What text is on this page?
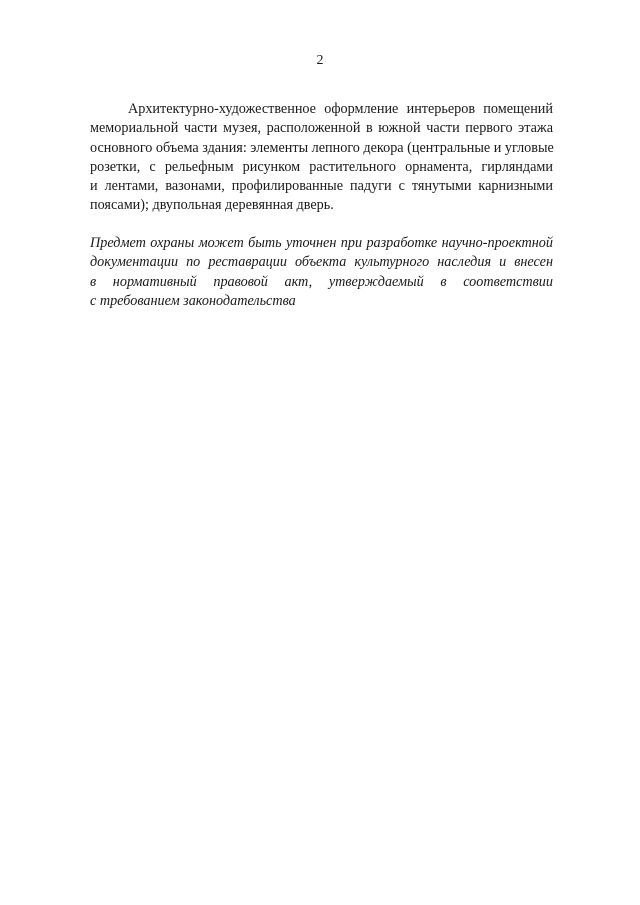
2
Архитектурно-художественное оформление интерьеров помещений
мемориальной части музея, расположенной в южной части первого этажа
основного объема здания: элементы лепного декора (центральные и угловые
розетки, с рельефным рисунком растительного орнамента, гирляндами
и лентами, вазонами, профилированные падуги с тянутыми карнизными
поясами); двупольная деревянная дверь.
Предмет охраны может быть уточнен при разработке научно-проектной
документации по реставрации объекта культурного наследия и внесен
в нормативный правовой акт, утверждаемый в соответствии
с требованием законодательства
